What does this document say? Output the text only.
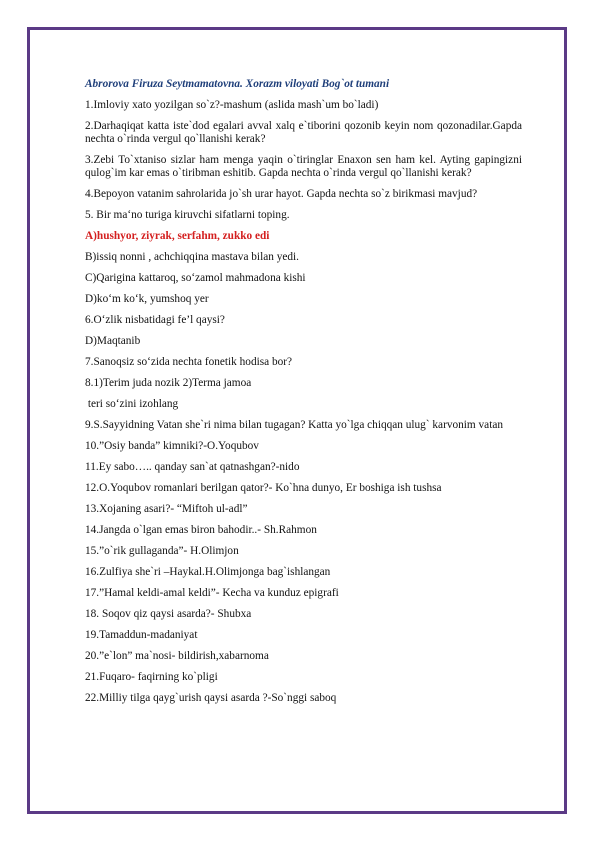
Abrorova Firuza Seytmamatovna. Xorazm viloyati Bog`ot tumani

1.Imloviy xato yozilgan so`z?-mashum (aslida mash`um bo`ladi)

2.Darhaqiqat katta iste`dod egalari avval xalq e`tiborini qozonib keyin nom qozonadilar.Gapda nechta o`rinda vergul qo`llanishi kerak?

3.Zebi To`xtaniso sizlar ham menga yaqin o`tiringlar Enaxon sen ham kel. Ayting gapingizni qulog`im kar emas o`tiribman eshitib. Gapda nechta o`rinda vergul qo`llanishi kerak?

4.Bepoyon vatanim sahrolarida jo`sh urar hayot. Gapda nechta so`z birikmasi mavjud?

5. Bir ma‘no turiga kiruvchi sifatlarni toping.

A)hushyor, ziyrak, serfahm, zukko edi

B)issiq nonni , achchiqqina mastava bilan yedi.

C)Qarigina kattaroq, so‘zamol mahmadona kishi

D)ko‘m ko‘k, yumshoq yer

6.O‘zlik nisbatidagi fe’l qaysi?

D)Maqtanib

7.Sanoqsiz so‘zida nechta fonetik hodisa bor?

8.1)Terim juda nozik 2)Terma jamoa

teri so‘zini izohlang

9.S.Sayyidning Vatan she`ri nima bilan tugagan? Katta yo`lga chiqqan ulug` karvonim vatan

10.”Osiy banda” kimniki?-O.Yoqubov

11.Ey sabo….. qanday san`at qatnashgan?-nido

12.O.Yoqubov romanlari berilgan qator?- Ko`hna dunyo, Er boshiga ish tushsa

13.Xojaning asari?- “Miftoh ul-adl”

14.Jangda o`lgan emas biron bahodir..- Sh.Rahmon

15.”o`rik gullaganda”- H.Olimjon

16.Zulfiya she`ri –Haykal.H.Olimjonga bag`ishlangan

17.”Hamal keldi-amal keldi”- Kecha va kunduz epigrafi

18. Soqov qiz qaysi asarda?- Shubxa

19.Tamaddun-madaniyat

20.”e`lon” ma`nosi- bildirish,xabarnoma

21.Fuqaro- faqirning ko`pligi

22.Milliy tilga qayg`urish qaysi asarda ?-So`nggi saboq
